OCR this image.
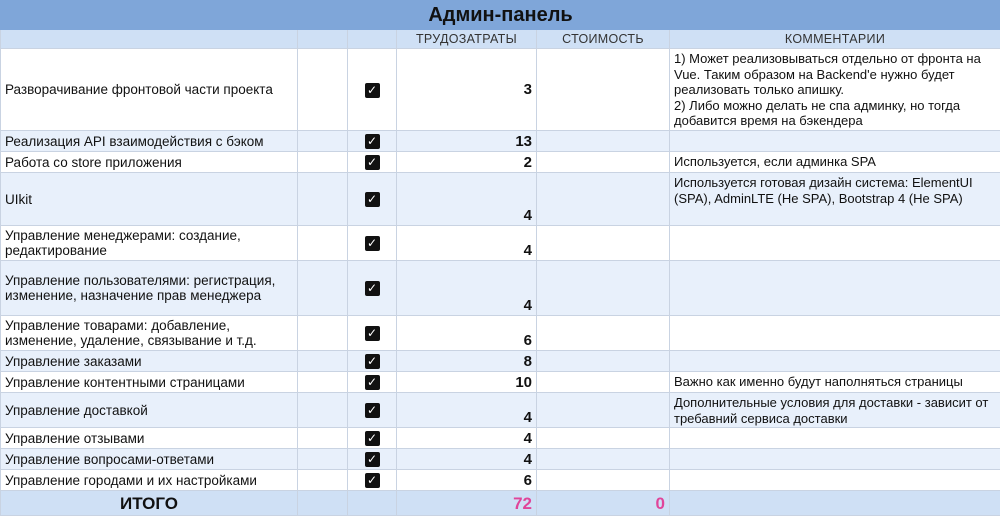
Админ-панель					
			ТРУДОЗАТРАТЫ	СТОИМОСТЬ	КОММЕНТАРИИ
Разворачивание фронтовой части проекта		✓	3		1) Может реализовываться отдельно от фронта на Vue. Таким образом на Backend'e нужно будет реализовать только апишку.
2) Либо можно делать не спа админку, но тогда добавится время на бэкендера
Реализация API взаимодействия с бэком		✓	13		
Работа со store приложения		✓	2		Используется, если админка SPA
UIkit		✓	4		Используется готовая дизайн система: ElementUI (SPA), AdminLTE (Не SPA), Bootstrap 4 (Не SPA)
Управление менеджерами: создание, редактирование		✓	4		
Управление пользователями: регистрация, изменение, назначение прав менеджера		✓	4		
Управление товарами: добавление, изменение, удаление, связывание и т.д.		✓	6		
Управление заказами		✓	8		
Управление контентными страницами		✓	10		Важно как именно будут наполняться страницы
Управление доставкой		✓	4		Дополнительные условия для доставки - зависит от требавний сервиса доставки
Управление отзывами		✓	4		
Управление вопросами-ответами		✓	4		
Управление городами и их настройками		✓	6		
ИТОГО			72	0	
